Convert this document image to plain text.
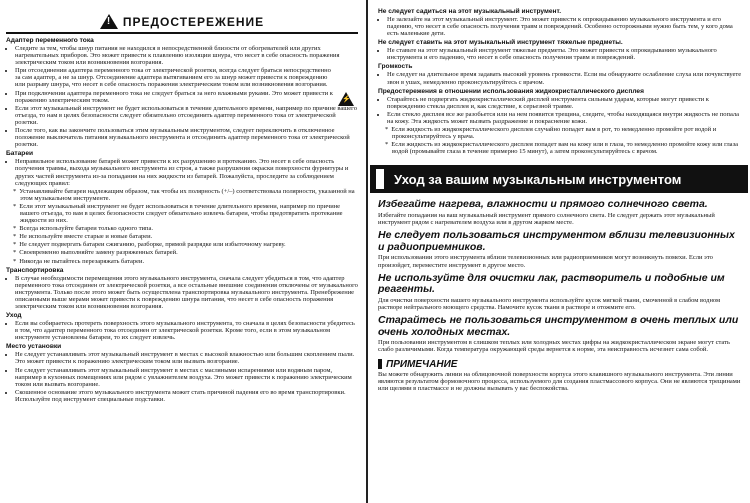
!
ПРЕДОСТЕРЕЖЕНИЕ
Адаптер переменного тока
• Следите за тем, чтобы шнур питания не находился в непосредственной близости от обогревателей или других нагревательных приборов. Это может привести к плавлению изоляции шнура, что несет в себе опасность поражения электрическим током или возникновения возгорания.
• При отсоединении адаптера переменного тока от электрической розетки, всегда следует браться непосредственно за сам адаптер, а не за шнур. Отсоединение адаптера вытягиванием его за шнур может привести к повреждению или разрыву шнура, что несет в себе опасность поражения электрическим током или возникновения возгорания.
• При подключении адаптера переменного тока не следует браться за него влажными руками. Это может привести к поражению электрическим током.
• Если этот музыкальный инструмент не будет использоваться в течение длительного времени, например по причине вашего отъезда, то нам в целях безопасности следует обязательно отсоединить адаптер переменного тока от электрической розетки.
• После того, как вы закончите пользоваться этим музыкальным инструментом, следует переключить в отключенное положение выключатель питания музыкального инструмента и отсоединить адаптер переменного тока от электрической розетки.
Батареи
• Неправильное использование батарей может привести к их разрушению и протеканию. Это несет в себе опасность получения травмы, выхода музыкального инструмента из строя, а также разрушения окраски поверхности фурнитуры и других частей инструмента из-за попадания на них жидкости из батарей. Пожалуйста, проследите за соблюдением следующих правил:
* Устанавливайте батареи надлежащим образом, так чтобы их полярность (+/–) соответствовала полярности, указанной на этом музыкальном инструменте.
* Если этот музыкальный инструмент не будет использоваться в течение длительного времени, например по причине вашего отъезда, то вам в целях безопасности следует обязательно извлечь батареи, чтобы предотвратить протекание жидкости из них.
* Всегда используйте батареи только одного типа.
* Не используйте вместе старые и новые батареи.
* Не следует подвергать батареи сжиганию, разборке, прямой разрядке или избыточному нагреву.
* Своевременно выполняйте замену разряженных батарей.
* Никогда не пытайтесь перезаряжать батареи.
Транспортировка
• В случае необходимости перемещения этого музыкального инструмента, сначала следует убедиться в том, что адаптер переменного тока отсоединен от электрической розетки, а все остальные внешние соединения отключены от музыкального инструмента. Только после этого может быть осуществлена транспортировка музыкального инструмента. Пренебрежение описанными выше мерами может привести к повреждению шнура питания, что несет в себе опасность поражения электрическим током или возникновения возгорания.
Уход
• Если вы собираетесь протереть поверхность этого музыкального инструмента, то сначала в целях безопасности убедитесь в том, что адаптер переменного тока отсоединен от электрической розетки. Кроме того, если в этом музыкальном инструменте установлены батареи, то их следует извлечь.
Место установки
• Не следует устанавливать этот музыкальный инструмент в местах с высокой влажностью или большим скоплением пыли. Это может привести к поражению электрическим током или вызвать возгорание.
• Не следует устанавливать этот музыкальный инструмент в местах с масляными испарениями или водяным паром, например в кухонных помещениях или рядом с увлажнителем воздуха. Это может привести к поражению электрическим током или вызвать возгорание.
• Скошенное основание этого музыкального инструмента может стать причиной падения его во время транспортировки. Используйте под инструмент специальные подставки.
⚡
Не следует садиться на этот музыкальный инструмент.
• Не залезайте на этот музыкальный инструмент. Это может привести к опрокидыванию музыкального инструмента и его падению, что несет в себе опасность получения травм и повреждений. Особенно осторожными нужно быть тем, у кого дома есть маленькие дети.
Не следует ставить на этот музыкальный инструмент тяжелые предметы.
• Не ставьте на этот музыкальный инструмент тяжелые предметы. Это может привести к опрокидыванию музыкального инструмента и его падению, что несет в себе опасность получения травм и повреждений.
Громкость
• Не следует на длительное время задавать высокий уровень громкости. Если вы обнаружите ослабление слуха или почувствуете звон в ушах, немедленно проконсультируйтесь с врачом.
Предостережения в отношении использования жидкокристаллического дисплея
• Старайтесь не подвергать жидкокристаллический дисплей инструмента сильным ударам, которые могут привести к повреждению стекла дисплея и, как следствие, к серьезной травме.
• Если стекло дисплея все же разобьется или на нем появится трещина, следите, чтобы находящаяся внутри жидкость не попала на кожу. Эта жидкость может вызвать раздражение и покраснение кожи.
* Если жидкость из жидкокристаллического дисплея случайно попадет вам в рот, то немедленно промойте рот водой и проконсультируйтесь у врача.
* Если жидкость из жидкокристаллического дисплея попадет вам на кожу или в глаза, то немедленно промойте кожу или глаза водой (промывайте глаза в течение примерно 15 минут), а затем проконсультируйтесь с врачом.
Уход за вашим музыкальным инструментом
Избегайте нагрева, влажности и прямого солнечного света.

Избегайте попадания на ваш музыкальный инструмент прямого солнечного света. Не следует держать этот музыкальный инструмент рядом с нагревателем воздуха или в другом жарком месте.

Не следует пользоваться инструментом вблизи телевизионных и радиоприемников.

При использовании этого инструмента вблизи телевизионных или радиоприемников могут возникнуть помехи. Если это произойдет, переместите инструмент в другое место.

Не используйте для очистки лак, растворитель и подобные им реагенты.

Для очистки поверхности вашего музыкального инструмента используйте кусок мягкой ткани, смоченной в слабом водном растворе нейтрального моющего средства. Намочите кусок ткани в растворе и отожмите его.

Старайтесь не пользоваться инструментом в очень теплых или очень холодных местах.

При пользовании инструментом в слишком теплых или холодных местах цифры на жидкокристаллическом экране могут стать слабо различимыми. Когда температура окружающей среды вернется к норме, эта неисправность исчезнет сама собой.

ПРИМЕЧАНИЕ

Вы можете обнаружить линии на облицовочной поверхности корпуса этого клавишного музыкального инструмента. Эти линии являются результатом формовочного процесса, используемого для создания пластмассового корпуса. Они не являются трещинами или щелями в пластмассе и не должны вызывать у вас беспокойства.
